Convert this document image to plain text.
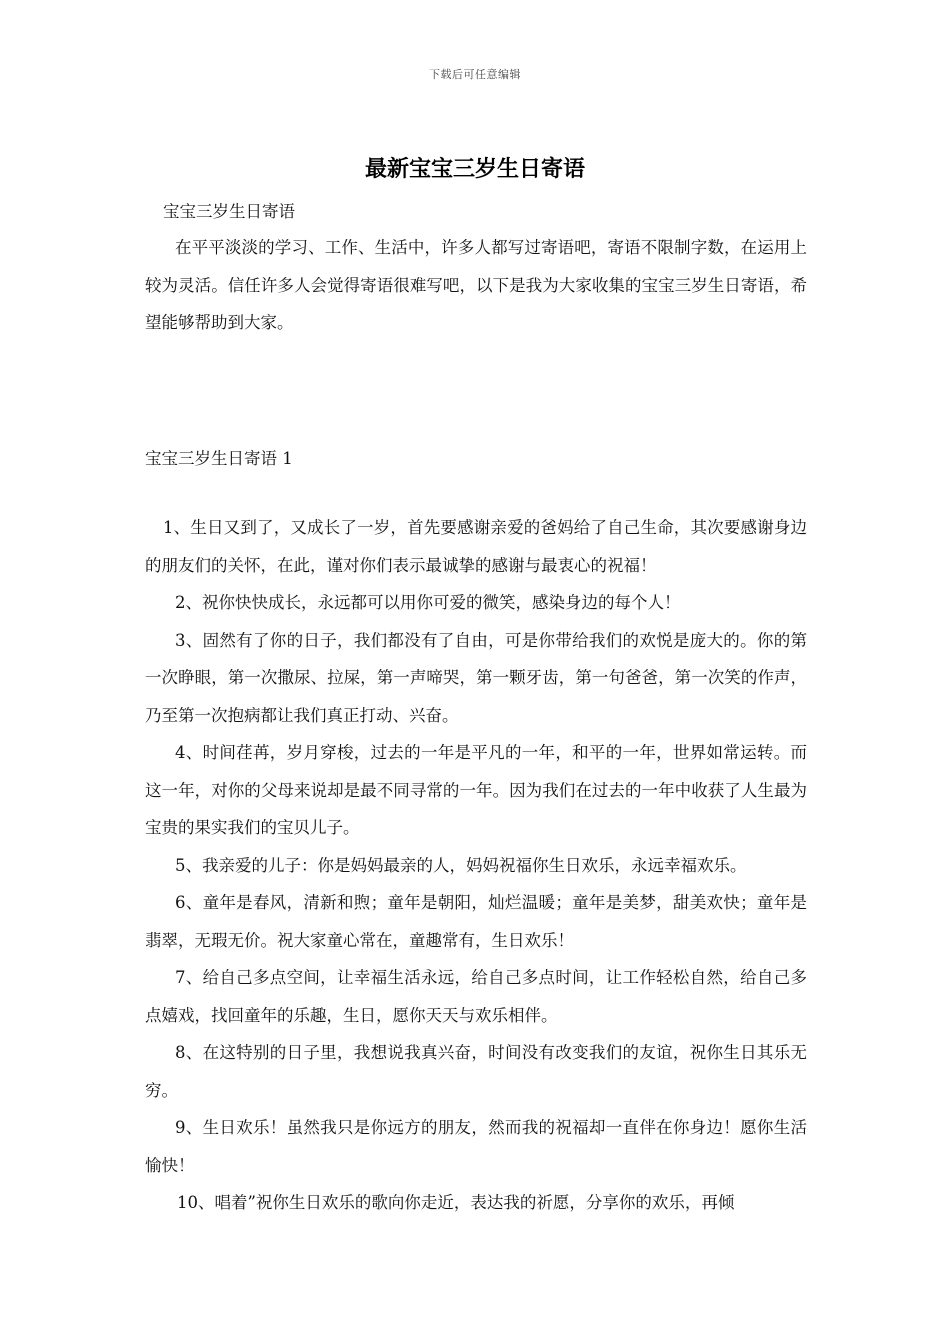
下载后可任意编辑
最新宝宝三岁生日寄语
宝宝三岁生日寄语

在平平淡淡的学习、工作、生活中，许多人都写过寄语吧，寄语不限制字数，在运用上较为灵活。信任许多人会觉得寄语很难写吧，以下是我为大家收集的宝宝三岁生日寄语，希望能够帮助到大家。

宝宝三岁生日寄语 1

1、生日又到了，又成长了一岁，首先要感谢亲爱的爸妈给了自己生命，其次要感谢身边的朋友们的关怀，在此，谨对你们表示最诚挚的感谢与最衷心的祝福！

2、祝你快快成长，永远都可以用你可爱的微笑，感染身边的每个人！

3、固然有了你的日子，我们都没有了自由，可是你带给我们的欢悦是庞大的。你的第一次睁眼，第一次撒尿、拉屎，第一声啼哭，第一颗牙齿，第一句爸爸，第一次笑的作声，乃至第一次抱病都让我们真正打动、兴奋。

4、时间荏苒，岁月穿梭，过去的一年是平凡的一年，和平的一年，世界如常运转。而这一年，对你的父母来说却是最不同寻常的一年。因为我们在过去的一年中收获了人生最为宝贵的果实我们的宝贝儿子。

5、我亲爱的儿子：你是妈妈最亲的人，妈妈祝福你生日欢乐，永远幸福欢乐。

6、童年是春风，清新和煦；童年是朝阳，灿烂温暖；童年是美梦，甜美欢快；童年是翡翠，无瑕无价。祝大家童心常在，童趣常有，生日欢乐！

7、给自己多点空间，让幸福生活永远，给自己多点时间，让工作轻松自然，给自己多点嬉戏，找回童年的乐趣，生日，愿你天天与欢乐相伴。

8、在这特别的日子里，我想说我真兴奋，时间没有改变我们的友谊，祝你生日其乐无穷。

9、生日欢乐！虽然我只是你远方的朋友，然而我的祝福却一直伴在你身边！愿你生活愉快！

10、唱着”祝你生日欢乐的歌向你走近，表达我的祈愿，分享你的欢乐，再倾
